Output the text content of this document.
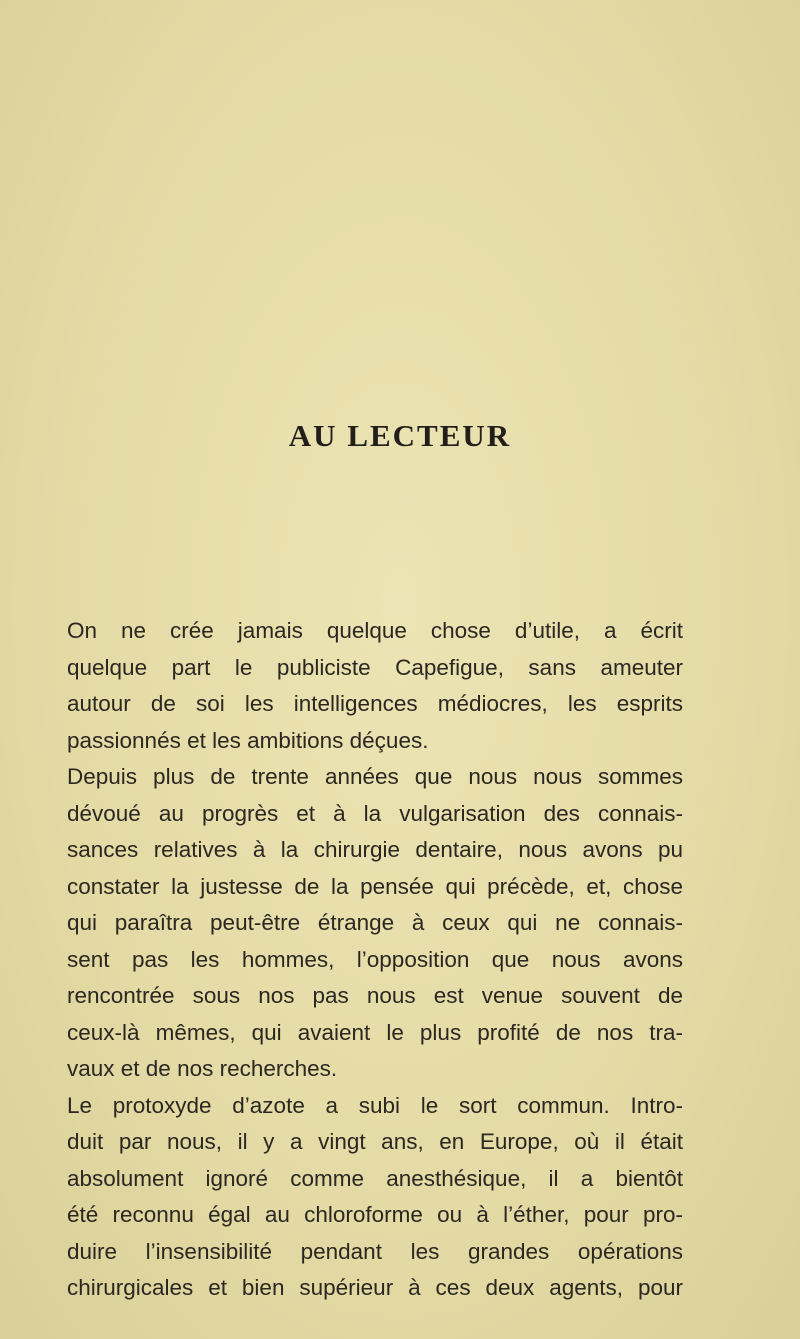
AU LECTEUR
On ne crée jamais quelque chose d’utile, a écrit
quelque part le publiciste Capefigue, sans ameuter
autour de soi les intelligences médiocres, les esprits
passionnés et les ambitions déçues.
Depuis plus de trente années que nous nous sommes
dévoué au progrès et à la vulgarisation des connais-
sances relatives à la chirurgie dentaire, nous avons pu
constater la justesse de la pensée qui précède, et, chose
qui paraîtra peut-être étrange à ceux qui ne connais-
sent pas les hommes, l’opposition que nous avons
rencontrée sous nos pas nous est venue souvent de
ceux-là mêmes, qui avaient le plus profité de nos tra-
vaux et de nos recherches.
Le protoxyde d’azote a subi le sort commun. Intro-
duit par nous, il y a vingt ans, en Europe, où il était
absolument ignoré comme anesthésique, il a bientôt
été reconnu égal au chloroforme ou à l’éther, pour pro-
duire l’insensibilité pendant les grandes opérations
chirurgicales et bien supérieur à ces deux agents, pour
